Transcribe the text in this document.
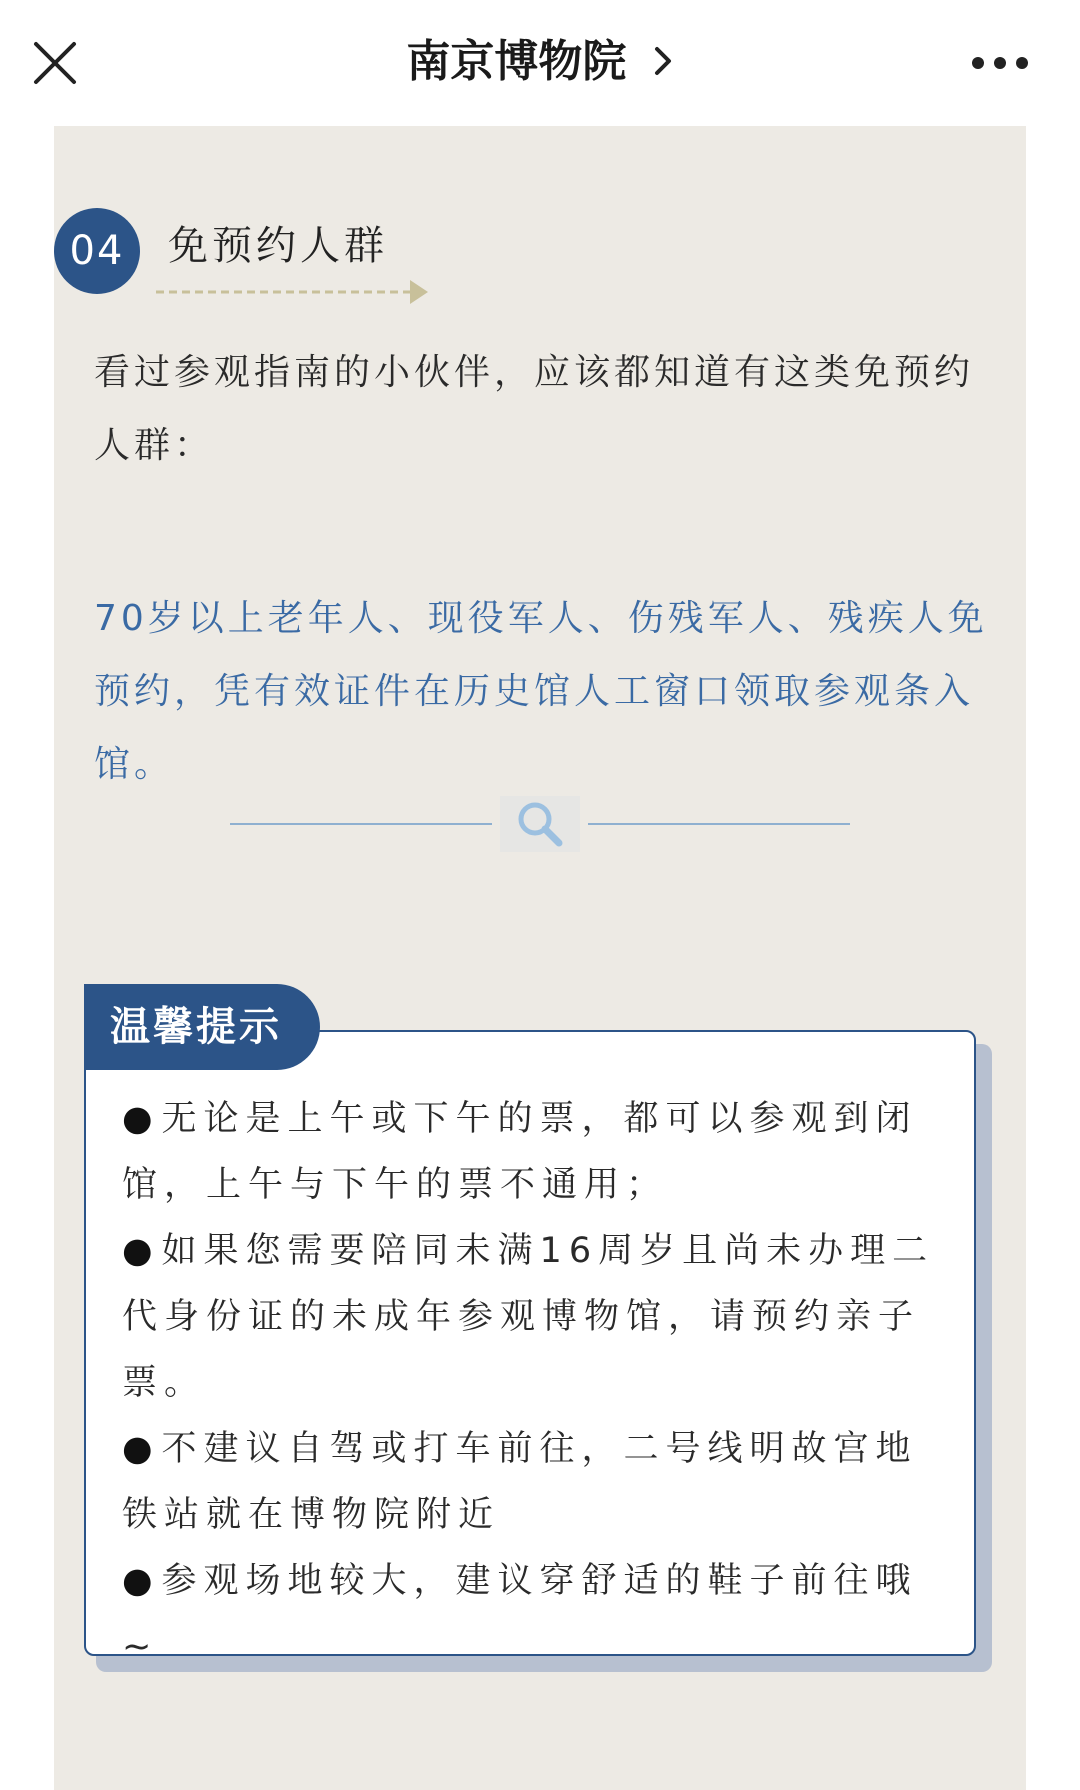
南京博物院
04	免预约人群
看过参观指南的小伙伴，应该都知道有这类免预约人群：
70岁以上老年人、现役军人、伤残军人、残疾人免预约，凭有效证件在历史馆人工窗口领取参观条入馆。
温馨提示

●无论是上午或下午的票，都可以参观到闭馆，上午与下午的票不通用；

●如果您需要陪同未满16周岁且尚未办理二代身份证的未成年参观博物馆，请预约亲子票。

●不建议自驾或打车前往，二号线明故宫地铁站就在博物院附近

●参观场地较大，建议穿舒适的鞋子前往哦~
